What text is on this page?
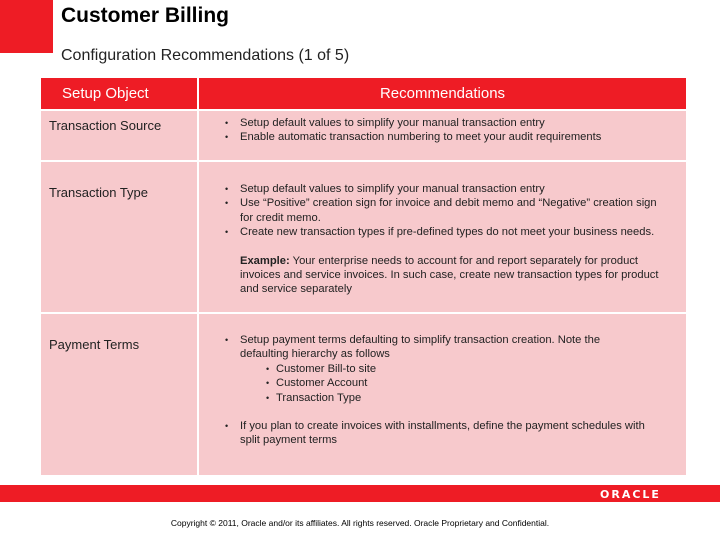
Customer Billing
Configuration Recommendations (1 of 5)
Setup Object	Recommendations
Transaction Source	• Setup default values to simplify your manual transaction entry
• Enable automatic transaction numbering to meet your audit requirements
Transaction Type	• Setup default values to simplify your manual transaction entry
• Use “Positive” creation sign for invoice and debit memo and “Negative” creation sign for credit memo.
• Create new transaction types if pre-defined types do not meet your business needs.
Example: Your enterprise needs to account for and report separately for product invoices and service invoices. In such case, create new transaction types for product and service separately
Payment Terms	• Setup payment terms defaulting to simplify transaction creation. Note the defaulting hierarchy as follows
• Customer Bill-to site
• Customer Account
• Transaction Type
• If you plan to create invoices with installments, define the payment schedules with split payment terms
ORACLE
Copyright © 2011, Oracle and/or its affiliates. All rights reserved. Oracle Proprietary and Confidential.
